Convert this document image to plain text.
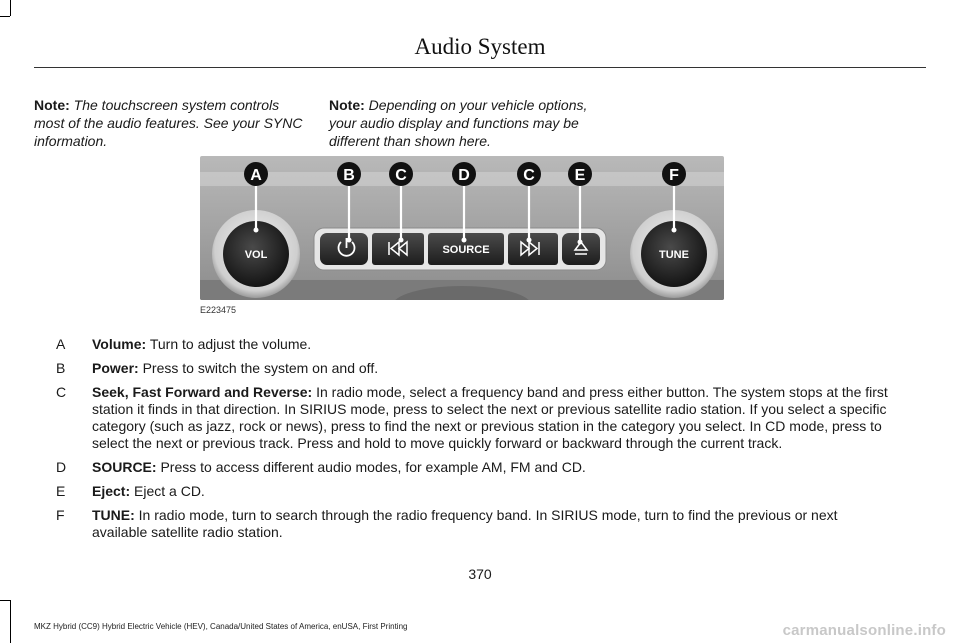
Audio System
Note: The touchscreen system controls most of the audio features. See your SYNC information.
Note: Depending on your vehicle options, your audio display and functions may be different than shown here.
VOL	TUNE
SOURCE
A	B	C	D	C E	F
E223475
A	Volume: Turn to adjust the volume.
B	Power: Press to switch the system on and off.
C	Seek, Fast Forward and Reverse: In radio mode, select a frequency band and press either button. The system stops at the first station it finds in that direction. In SIRIUS mode, press to select the next or previous satellite radio station. If you select a specific category (such as jazz, rock or news), press to find the next or previous station in the category you select. In CD mode, press to select the next or previous track. Press and hold to move quickly forward or backward through the current track.
D	SOURCE: Press to access different audio modes, for example AM, FM and CD.
E	Eject: Eject a CD.
F	TUNE: In radio mode, turn to search through the radio frequency band. In SIRIUS mode, turn to find the previous or next available satellite radio station.
370
MKZ Hybrid (CC9) Hybrid Electric Vehicle (HEV), Canada/United States of America, enUSA, First Printing	carmanualsonline.info
